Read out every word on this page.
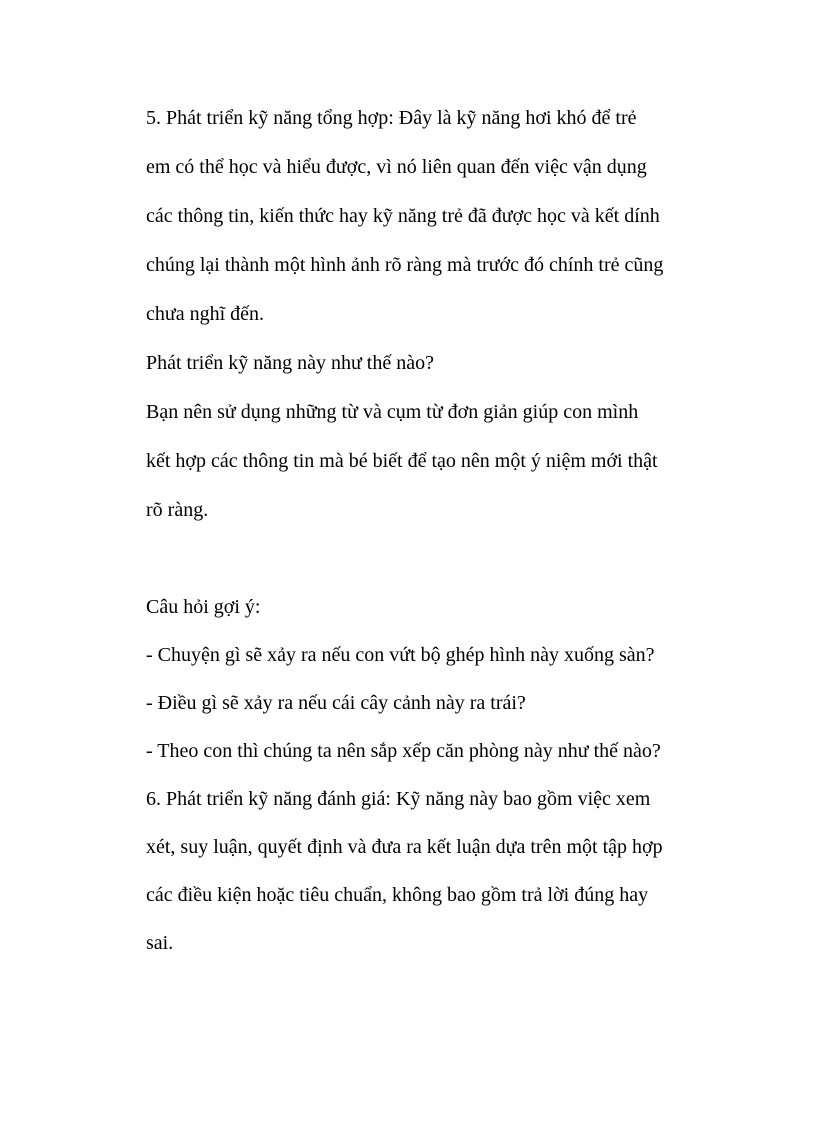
5. Phát triển kỹ năng tổng hợp: Đây là kỹ năng hơi khó để trẻ
em có thể học và hiểu được, vì nó liên quan đến việc vận dụng
các thông tin, kiến thức hay kỹ năng trẻ đã được học và kết dính
chúng lại thành một hình ảnh rõ ràng mà trước đó chính trẻ cũng
chưa nghĩ đến.
Phát triển kỹ năng này như thế nào?
Bạn nên sử dụng những từ và cụm từ đơn giản giúp con mình
kết hợp các thông tin mà bé biết để tạo nên một ý niệm mới thật
rõ ràng.
Câu hỏi gợi ý:
- Chuyện gì sẽ xảy ra nếu con vứt bộ ghép hình này xuống sàn?
- Điều gì sẽ xảy ra nếu cái cây cảnh này ra trái?
- Theo con thì chúng ta nên sắp xếp căn phòng này như thế nào?
6. Phát triển kỹ năng đánh giá: Kỹ năng này bao gồm việc xem
xét, suy luận, quyết định và đưa ra kết luận dựa trên một tập hợp
các điều kiện hoặc tiêu chuẩn, không bao gồm trả lời đúng hay
sai.
